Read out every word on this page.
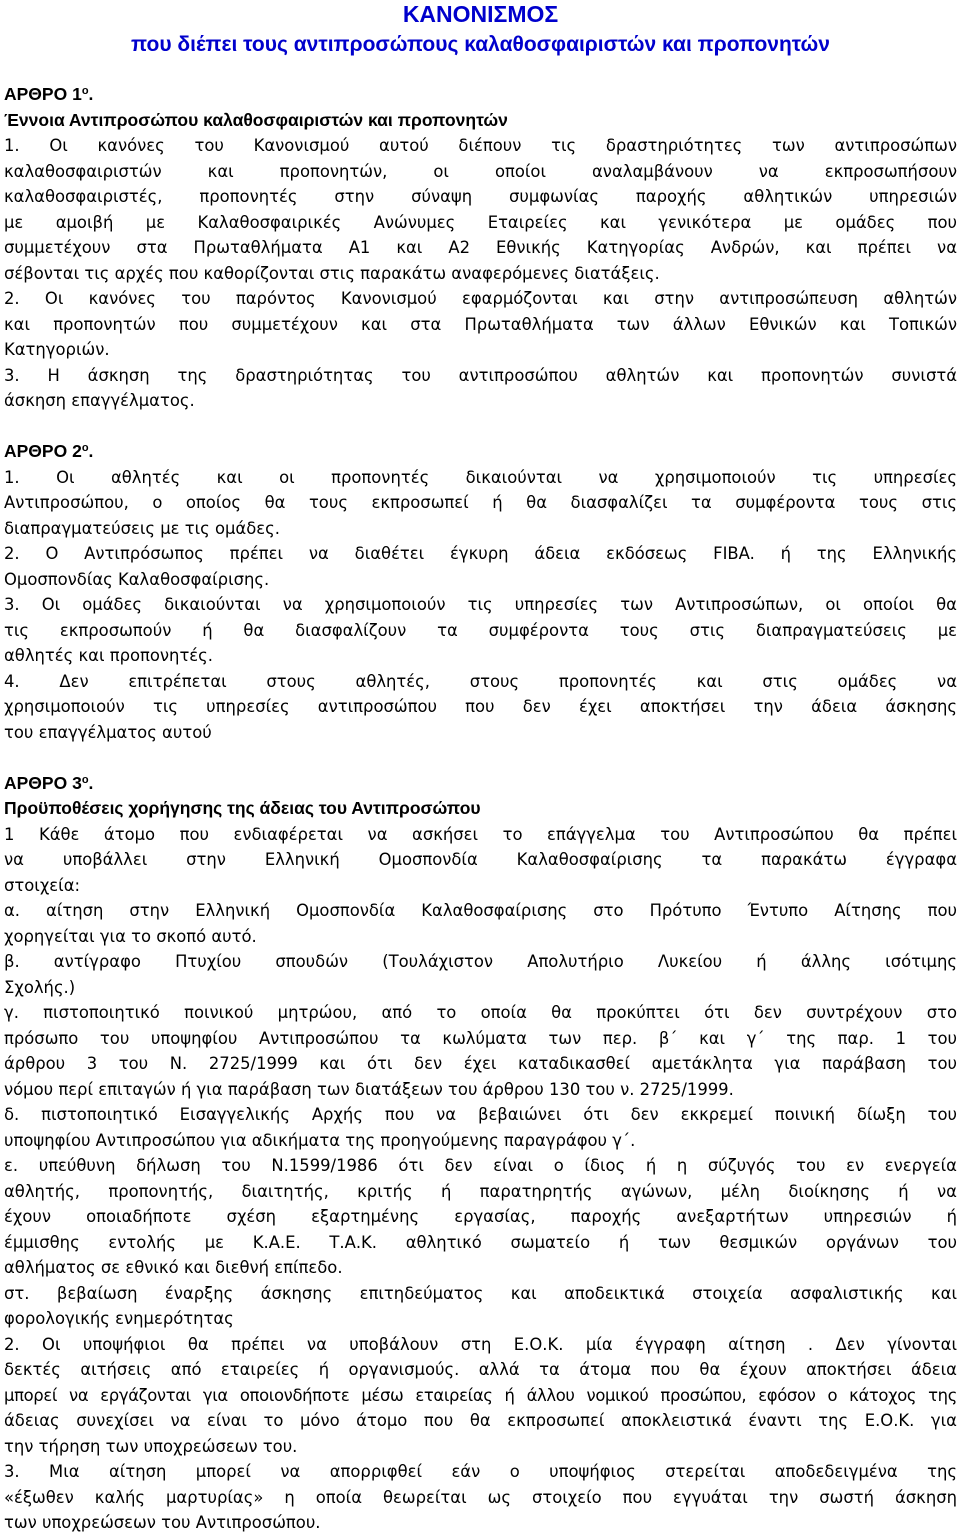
ΚΑΝΟΝΙΣΜΟΣ
που διέπει τους αντιπροσώπους καλαθοσφαιριστών και προπονητών
ΑΡΘΡΟ $1^o$.
Έννοια Αντιπροσώπου καλαθοσφαιριστών και προπονητών
1. Οι κανόνες του Κανονισμού αυτού διέπουν τις δραστηριότητες των αντιπροσώπων
καλαθοσφαιριστών και προπονητών, οι οποίοι αναλαμβάνουν να εκπροσωπήσουν
καλαθοσφαιριστές, προπονητές στην σύναψη συμφωνίας παροχής αθλητικών υπηρεσιών
με αμοιβή με Καλαθοσφαιρικές Ανώνυμες Εταιρείες και γενικότερα με ομάδες που
συμμετέχουν στα Πρωταθλήματα Α1 και Α2 Εθνικής Κατηγορίας Ανδρών, και πρέπει να
σέβονται τις αρχές που καθορίζονται στις παρακάτω αναφερόμενες διατάξεις.
2. Οι κανόνες του παρόντος Κανονισμού εφαρμόζονται και στην αντιπροσώπευση αθλητών
και προπονητών που συμμετέχουν και στα Πρωταθλήματα των άλλων Εθνικών και Τοπικών
Κατηγοριών.
3. Η άσκηση της δραστηριότητας του αντιπροσώπου αθλητών και προπονητών συνιστά
άσκηση επαγγέλματος.
ΑΡΘΡΟ $2^o$.
1. Οι αθλητές και οι προπονητές δικαιούνται να χρησιμοποιούν τις υπηρεσίες
Αντιπροσώπου, ο οποίος θα τους εκπροσωπεί ή θα διασφαλίζει τα συμφέροντα τους στις
διαπραγματεύσεις με τις ομάδες.
2. Ο Αντιπρόσωπος πρέπει να διαθέτει έγκυρη άδεια εκδόσεως FIBA. ή της Ελληνικής
Ομοσπονδίας Καλαθοσφαίρισης.
3. Οι ομάδες δικαιούνται να χρησιμοποιούν τις υπηρεσίες των Αντιπροσώπων, οι οποίοι θα
τις εκπροσωπούν ή θα διασφαλίζουν τα συμφέροντα τους στις διαπραγματεύσεις με
αθλητές και προπονητές.
4. Δεν επιτρέπεται στους αθλητές, στους προπονητές και στις ομάδες να
χρησιμοποιούν τις υπηρεσίες αντιπροσώπου που δεν έχει αποκτήσει την άδεια άσκησης
του επαγγέλματος αυτού
ΑΡΘΡΟ $3^o$.
Προϋποθέσεις χορήγησης της άδειας του Αντιπροσώπου
1 Κάθε άτομο που ενδιαφέρεται να ασκήσει το επάγγελμα του Αντιπροσώπου θα πρέπει
να υποβάλλει στην Ελληνική Ομοσπονδία Καλαθοσφαίρισης τα παρακάτω έγγραφα
στοιχεία:
α. αίτηση στην Ελληνική Ομοσπονδία Καλαθοσφαίρισης στο Πρότυπο Έντυπο Αίτησης που
χορηγείται για το σκοπό αυτό.
β. αντίγραφο Πτυχίου σπουδών (Τουλάχιστον Απολυτήριο Λυκείου ή άλλης ισότιμης
Σχολής.)
γ. πιστοποιητικό ποινικού μητρώου, από το οποία θα προκύπτει ότι δεν συντρέχουν στο
πρόσωπο του υποψηφίου Αντιπροσώπου τα κωλύματα των περ. β΄ και γ΄ της παρ. 1 του
άρθρου 3 του Ν. 2725/1999 και ότι δεν έχει καταδικασθεί αμετάκλητα για παράβαση του
νόμου περί επιταγών ή για παράβαση των διατάξεων του άρθρου 130 του ν. 2725/1999.
δ. πιστοποιητικό Εισαγγελικής Αρχής που να βεβαιώνει ότι δεν εκκρεμεί ποινική δίωξη του
υποψηφίου Αντιπροσώπου για αδικήματα της προηγούμενης παραγράφου γ΄.
ε. υπεύθυνη δήλωση του Ν.1599/1986 ότι δεν είναι ο ίδιος ή η σύζυγός του εν ενεργεία
αθλητής, προπονητής, διαιτητής, κριτής ή παρατηρητής αγώνων, μέλη διοίκησης ή να
έχουν οποιαδήποτε σχέση εξαρτημένης εργασίας, παροχής ανεξαρτήτων υπηρεσιών ή
έμμισθης εντολής με Κ.Α.Ε. Τ.Α.Κ. αθλητικό σωματείο ή των θεσμικών οργάνων του
αθλήματος σε εθνικό και διεθνή επίπεδο.
στ. βεβαίωση έναρξης άσκησης επιτηδεύματος και αποδεικτικά στοιχεία ασφαλιστικής και
φορολογικής ενημερότητας
2. Οι υποψήφιοι θα πρέπει να υποβάλουν στη Ε.Ο.Κ. μία έγγραφη αίτηση . Δεν γίνονται
δεκτές αιτήσεις από εταιρείες ή οργανισμούς. αλλά τα άτομα που θα έχουν αποκτήσει άδεια
μπορεί να εργάζονται για οποιονδήποτε μέσω εταιρείας ή άλλου νομικού προσώπου, εφόσον ο κάτοχος της
άδειας συνεχίσει να είναι το μόνο άτομο που θα εκπροσωπεί αποκλειστικά έναντι της Ε.Ο.Κ. για
την τήρηση των υποχρεώσεων του.
3. Μια αίτηση μπορεί να απορριφθεί εάν ο υποψήφιος στερείται αποδεδειγμένα της
«έξωθεν καλής μαρτυρίας» η οποία θεωρείται ως στοιχείο που εγγυάται την σωστή άσκηση
των υποχρεώσεων του Αντιπροσώπου.
